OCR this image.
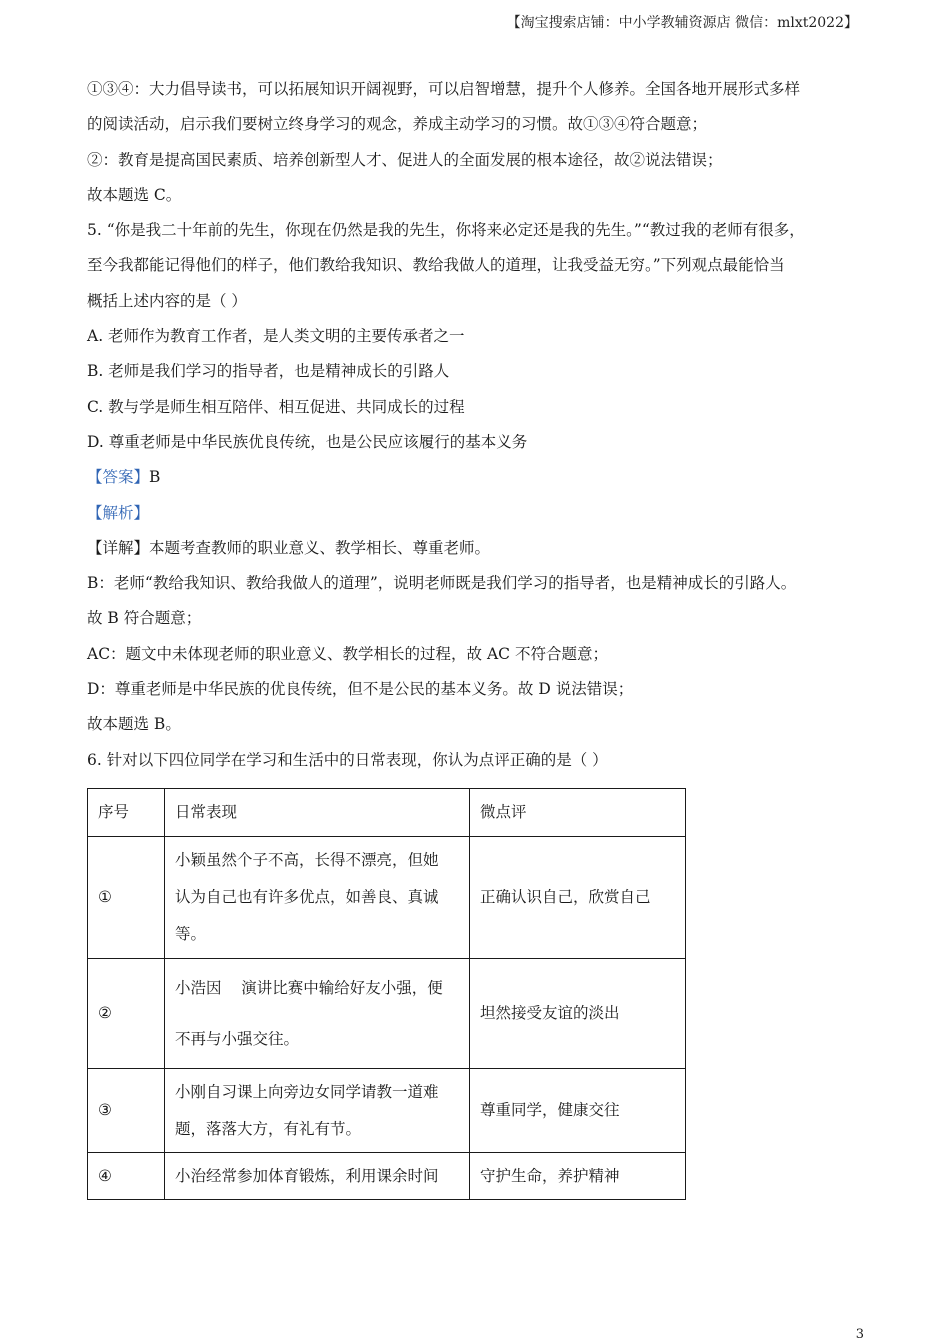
【淘宝搜索店铺：中小学教辅资源店 微信：mlxt2022】
①③④：大力倡导读书，可以拓展知识开阔视野，可以启智增慧，提升个人修养。全国各地开展形式多样
的阅读活动，启示我们要树立终身学习的观念，养成主动学习的习惯。故①③④符合题意；
②：教育是提高国民素质、培养创新型人才、促进人的全面发展的根本途径，故②说法错误；
故本题选 C。
5. “你是我二十年前的先生，你现在仍然是我的先生，你将来必定还是我的先生。”“教过我的老师有很多，
至今我都能记得他们的样子，他们教给我知识、教给我做人的道理，让我受益无穷。”下列观点最能恰当
概括上述内容的是（ ）
A. 老师作为教育工作者，是人类文明的主要传承者之一
B. 老师是我们学习的指导者，也是精神成长的引路人
C. 教与学是师生相互陪伴、相互促进、共同成长的过程
D. 尊重老师是中华民族优良传统，也是公民应该履行的基本义务
【答案】B
【解析】
【详解】本题考查教师的职业意义、教学相长、尊重老师。
B：老师“教给我知识、教给我做人的道理”，说明老师既是我们学习的指导者，也是精神成长的引路人。
故 B 符合题意；
AC：题文中未体现老师的职业意义、教学相长的过程，故 AC 不符合题意；
D：尊重老师是中华民族的优良传统，但不是公民的基本义务。故 D 说法错误；
故本题选 B。
6. 针对以下四位同学在学习和生活中的日常表现，你认为点评正确的是（ ）
序号	日常表现	微点评
①	小颖虽然个子不高，长得不漂亮，但她
认为自己也有许多优点，如善良、真诚
等。	正确认识自己，欣赏自己
②	小浩因    演讲比赛中输给好友小强，便
不再与小强交往。	坦然接受友谊的淡出
③	小刚自习课上向旁边女同学请教一道难
题，落落大方，有礼有节。	尊重同学，健康交往
④	小治经常参加体育锻炼，利用课余时间	守护生命，养护精神
3
